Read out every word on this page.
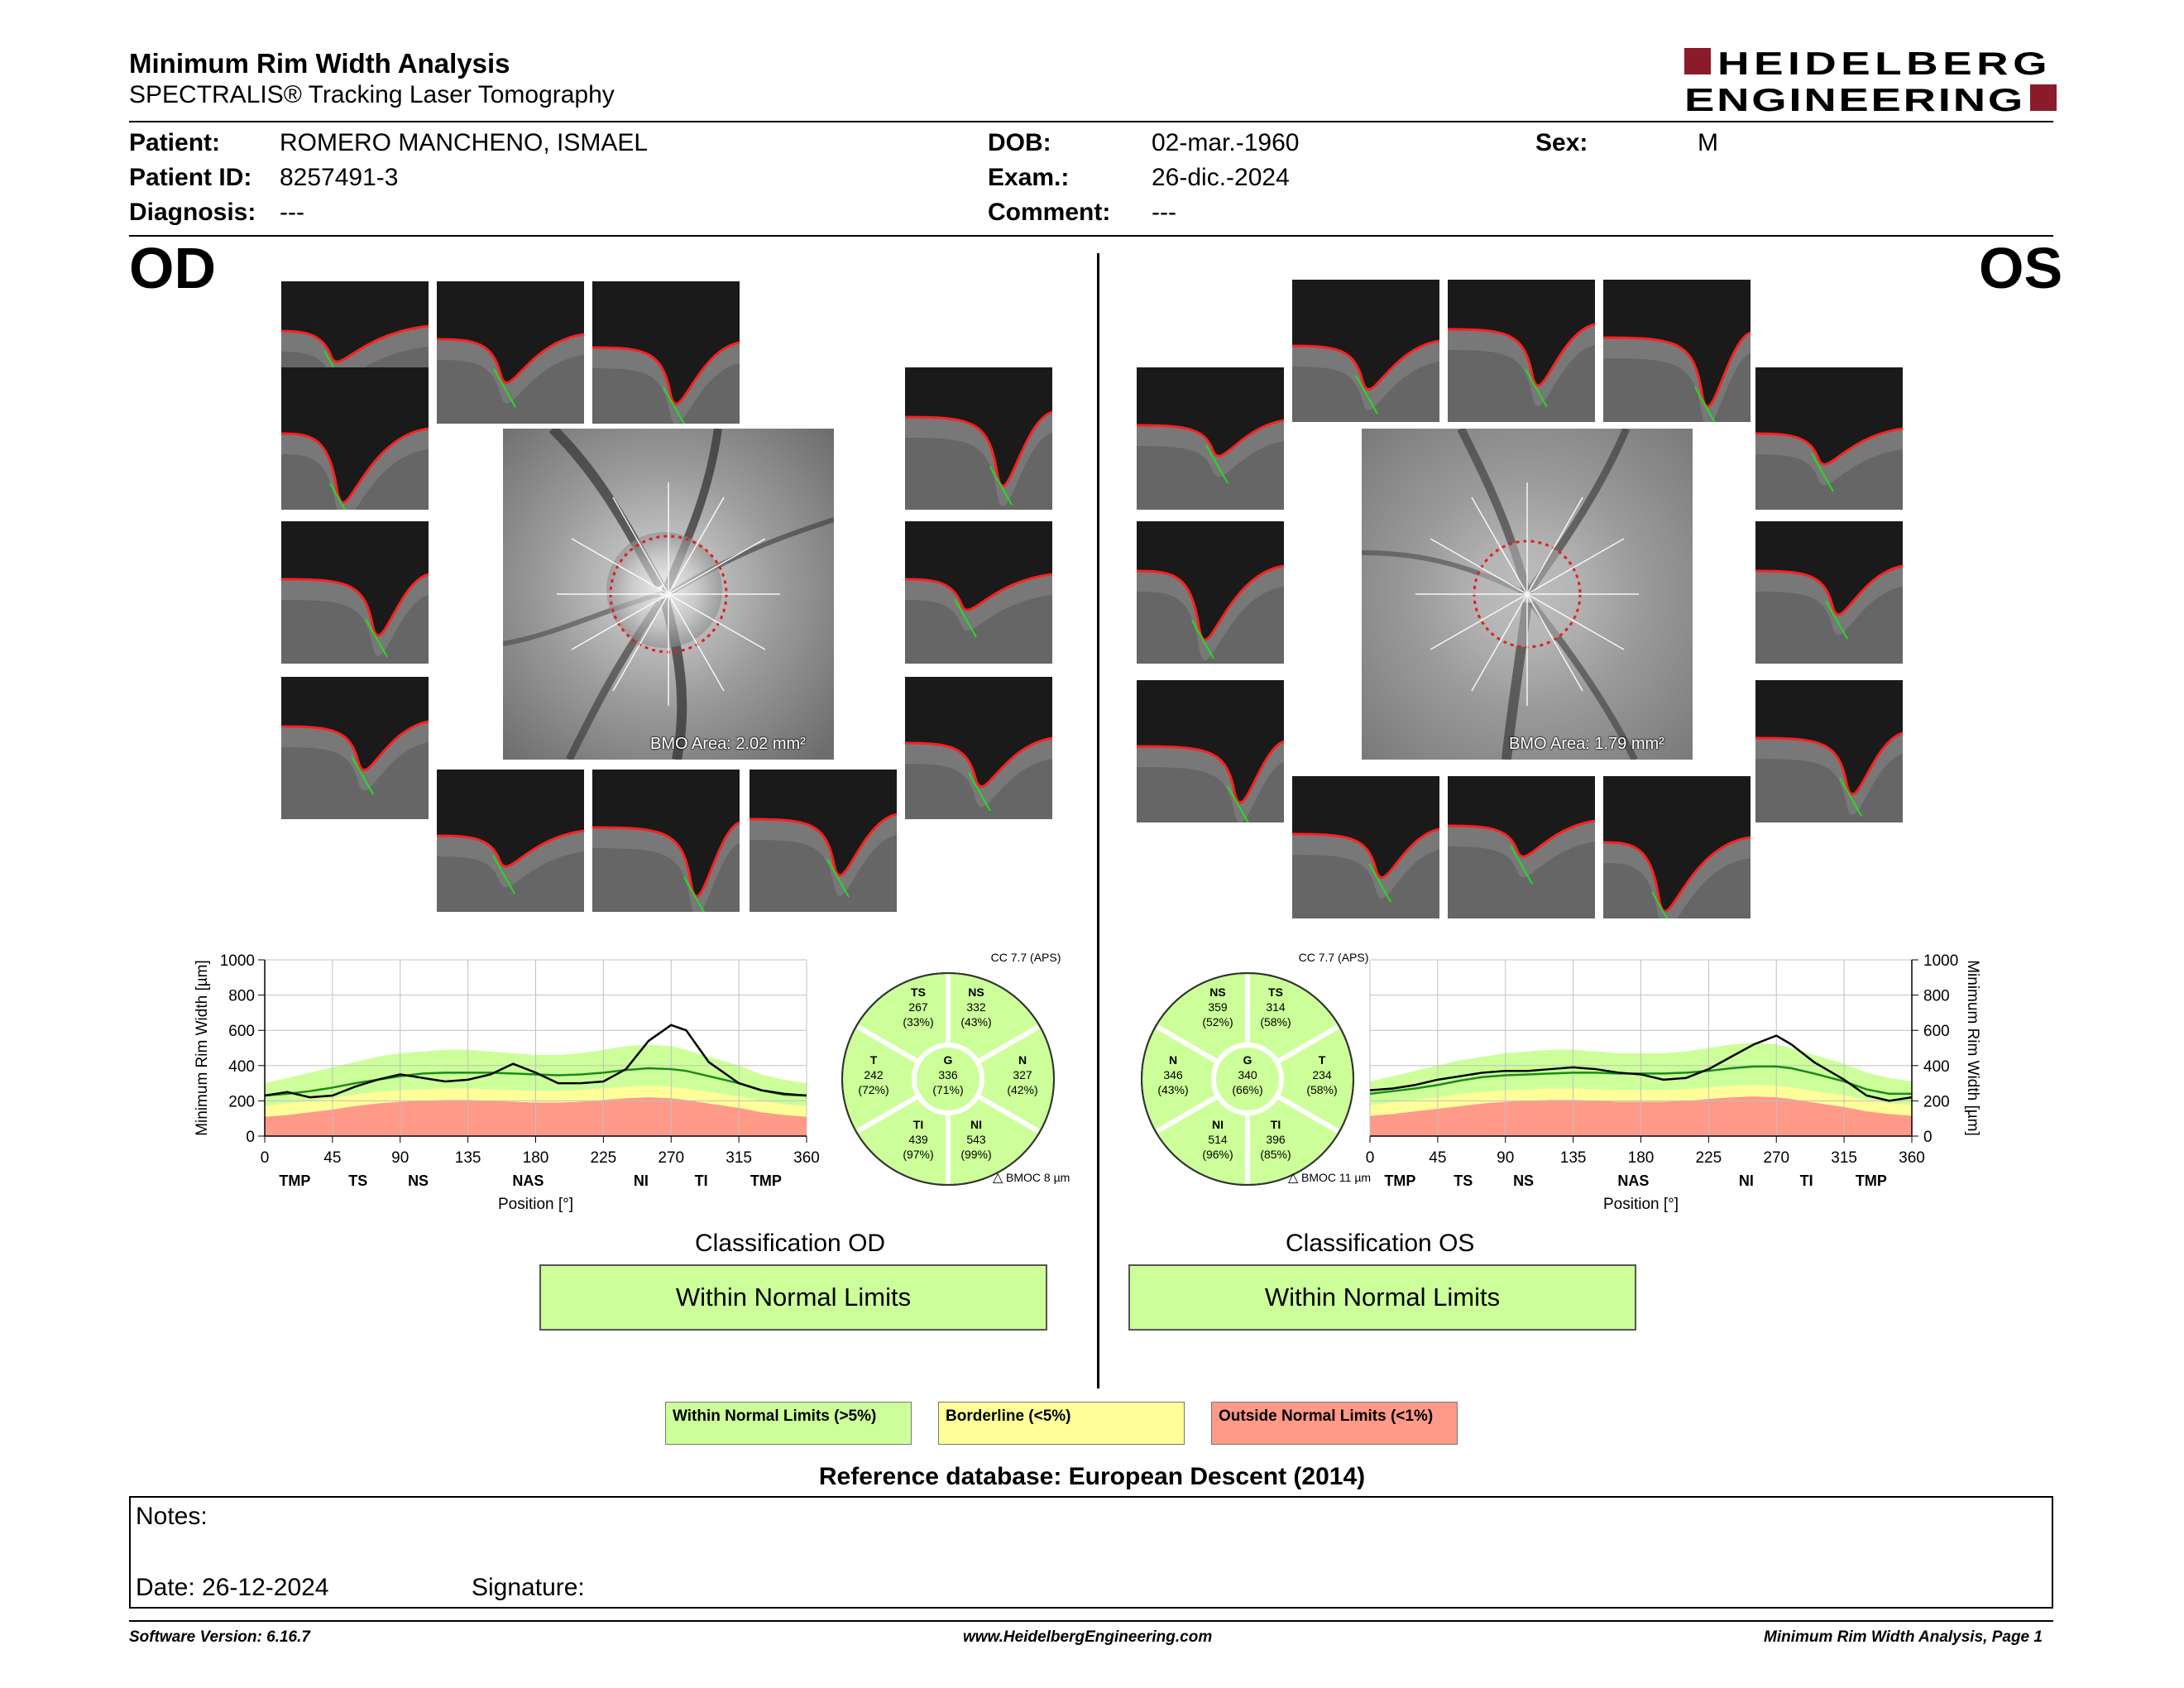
Minimum Rim Width Analysis
SPECTRALIS® Tracking Laser Tomography
HEIDELBERG
ENGINEERING
Patient: ROMERO MANCHENO, ISMAEL
Patient ID: 8257491-3
Diagnosis: ---
DOB:	02-mar.-1960
Exam.:	26-dic.-2024
Comment: ---
Sex:	M
OD	OS
BMO Area: 2.02 mm²	BMO Area: 1.79 mm²
0
200
400
600
800
1000
0	45	90	135	180	225	270	315	360
TMP	TS	NS	NAS	NI	TI	TMP
Position [°]
Minimum Rim Width [µm]
0
200
400
600
800
1000
0	45	90	135	180	225	270	315	360
TMP	TS	NS	NAS	NI	TI	TMP
Position [°]
Minimum Rim Width [µm]
TS
267
(33%)
NS
332
(43%)
T
242
(72%)
G
336
(71%)
N
327
(42%)
TI
439
(97%)
NI
543
(99%)
CC 7.7 (APS)
△ BMOC 8 µm
NS
359
(52%)
TS
314
(58%)
N
346
(43%)
G
340
(66%)
T
234
(58%)
NI
514
(96%)
TI
396
(85%)
CC 7.7 (APS)
△ BMOC 11 µm
Classification OD
Within Normal Limits
Classification OS
Within Normal Limits
Within Normal Limits (>5%)	Borderline (<5%)	Outside Normal Limits (<1%)
Reference database: European Descent (2014)
Notes:
Date: 26-12-2024	Signature:
Software Version: 6.16.7	www.HeidelbergEngineering.com	Minimum Rim Width Analysis, Page 1
